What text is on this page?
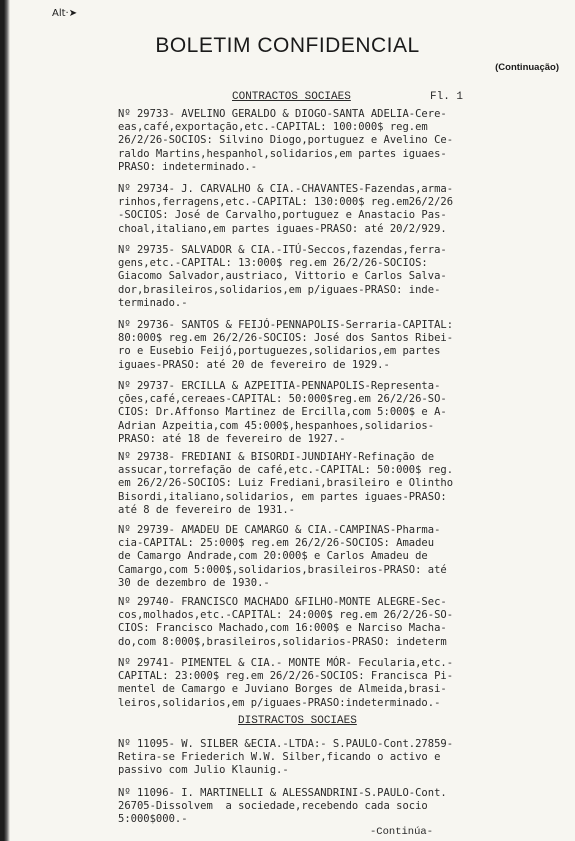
Alt·➤
BOLETIM CONFIDENCIAL
(Continuação)
CONTRACTOS SOCIAES	Fl. 1
Nº 29733- AVELINO GERALDO & DIOGO-SANTA ADELIA-Cere-
eas,café,exportação,etc.-CAPITAL: 100:000$ reg.em
26/2/26-SOCIOS: Silvino Diogo,portuguez e Avelino Ce-
raldo Martins,hespanhol,solidarios,em partes iguaes-
PRASO: indeterminado.-
Nº 29734- J. CARVALHO & CIA.-CHAVANTES-Fazendas,arma-
rinhos,ferragens,etc.-CAPITAL: 130:000$ reg.em26/2/26
-SOCIOS: José de Carvalho,portuguez e Anastacio Pas-
choal,italiano,em partes iguaes-PRASO: até 20/2/929.
Nº 29735- SALVADOR & CIA.-ITÚ-Seccos,fazendas,ferra-
gens,etc.-CAPITAL: 13:000$ reg.em 26/2/26-SOCIOS:
Giacomo Salvador,austriaco, Vittorio e Carlos Salva-
dor,brasileiros,solidarios,em p/iguaes-PRASO: inde-
terminado.-
Nº 29736- SANTOS & FEIJÓ-PENNAPOLIS-Serraria-CAPITAL:
80:000$ reg.em 26/2/26-SOCIOS: José dos Santos Ribei-
ro e Eusebio Feijó,portuguezes,solidarios,em partes
iguaes-PRASO: até 20 de fevereiro de 1929.-
Nº 29737- ERCILLA & AZPEITIA-PENNAPOLIS-Representa-
ções,café,cereaes-CAPITAL: 50:000$reg.em 26/2/26-SO-
CIOS: Dr.Affonso Martinez de Ercilla,com 5:000$ e A-
Adrian Azpeitia,com 45:000$,hespanhoes,solidarios-
PRASO: até 18 de fevereiro de 1927.-
Nº 29738- FREDIANI & BISORDI-JUNDIAHY-Refinação de
assucar,torrefação de café,etc.-CAPITAL: 50:000$ reg.
em 26/2/26-SOCIOS: Luiz Frediani,brasileiro e Olintho
Bisordi,italiano,solidarios, em partes iguaes-PRASO:
até 8 de fevereiro de 1931.-
Nº 29739- AMADEU DE CAMARGO & CIA.-CAMPINAS-Pharma-
cia-CAPITAL: 25:000$ reg.em 26/2/26-SOCIOS: Amadeu
de Camargo Andrade,com 20:000$ e Carlos Amadeu de
Camargo,com 5:000$,solidarios,brasileiros-PRASO: até
30 de dezembro de 1930.-
Nº 29740- FRANCISCO MACHADO &FILHO-MONTE ALEGRE-Sec-
cos,molhados,etc.-CAPITAL: 24:000$ reg.em 26/2/26-SO-
CIOS: Francisco Machado,com 16:000$ e Narciso Macha-
do,com 8:000$,brasileiros,solidarios-PRASO: indeterm
Nº 29741- PIMENTEL & CIA.- MONTE MÓR- Fecularia,etc.-
CAPITAL: 23:000$ reg.em 26/2/26-SOCIOS: Francisca Pi-
mentel de Camargo e Juviano Borges de Almeida,brasi-
leiros,solidarios,em p/iguaes-PRASO:indeterminado.-
DISTRACTOS SOCIAES
Nº 11095- W. SILBER &ECIA.-LTDA:- S.PAULO-Cont.27859-
Retira-se Friederich W.W. Silber,ficando o activo e
passivo com Julio Klaunig.-
Nº 11096- I. MARTINELLI & ALESSANDRINI-S.PAULO-Cont.
26705-Dissolvem  a sociedade,recebendo cada socio
5:000$000.-
-Continúa-
